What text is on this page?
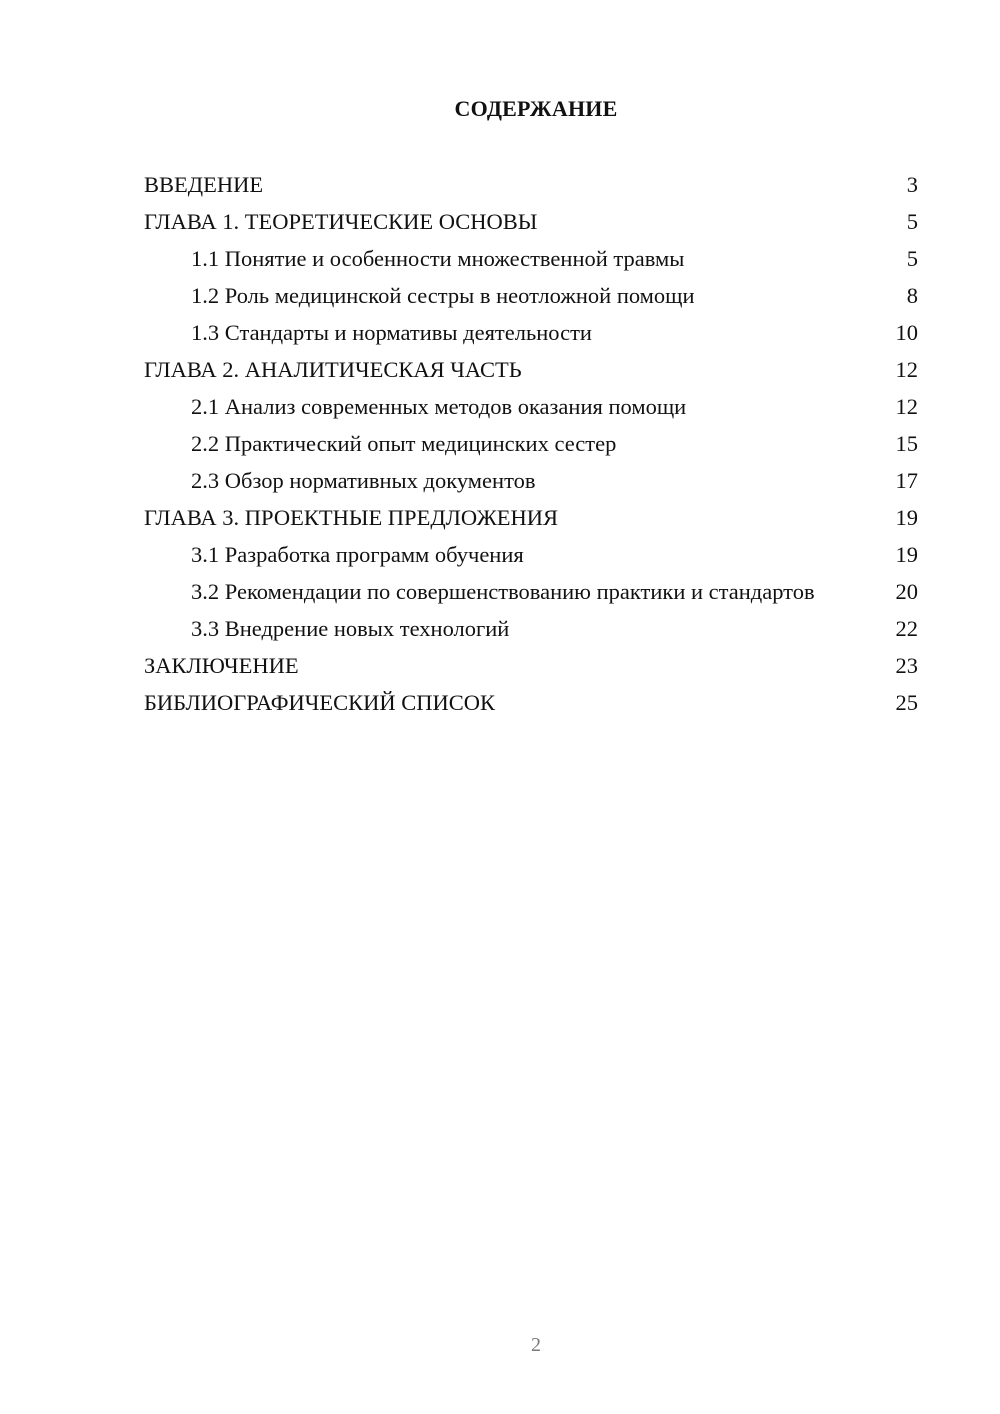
СОДЕРЖАНИЕ
ВВЕДЕНИЕ	3
ГЛАВА 1. ТЕОРЕТИЧЕСКИЕ ОСНОВЫ	5
1.1 Понятие и особенности множественной травмы	5
1.2 Роль медицинской сестры в неотложной помощи	8
1.3 Стандарты и нормативы деятельности	10
ГЛАВА 2. АНАЛИТИЧЕСКАЯ ЧАСТЬ	12
2.1 Анализ современных методов оказания помощи	12
2.2 Практический опыт медицинских сестер	15
2.3 Обзор нормативных документов	17
ГЛАВА 3. ПРОЕКТНЫЕ ПРЕДЛОЖЕНИЯ	19
3.1 Разработка программ обучения	19
3.2 Рекомендации по совершенствованию практики и стандартов	20
3.3 Внедрение новых технологий	22
ЗАКЛЮЧЕНИЕ	23
БИБЛИОГРАФИЧЕСКИЙ СПИСОК	25
2
